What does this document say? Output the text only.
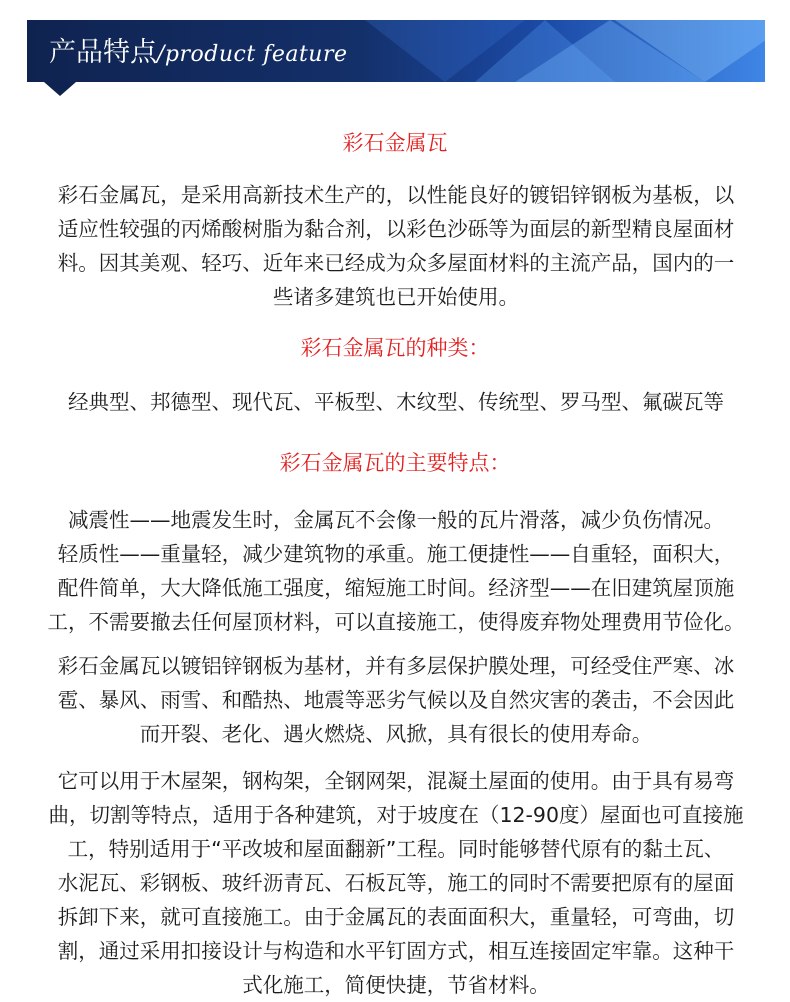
产品特点/product feature
彩石金属瓦
彩石金属瓦，是采用高新技术生产的，以性能良好的镀铝锌钢板为基板，以
适应性较强的丙烯酸树脂为黏合剂，以彩色沙砾等为面层的新型精良屋面材
料。因其美观、轻巧、近年来已经成为众多屋面材料的主流产品，国内的一
些诸多建筑也已开始使用。
彩石金属瓦的种类：
经典型、邦德型、现代瓦、平板型、木纹型、传统型、罗马型、氟碳瓦等
彩石金属瓦的主要特点：
减震性——地震发生时，金属瓦不会像一般的瓦片滑落，减少负伤情况。
轻质性——重量轻，减少建筑物的承重。施工便捷性——自重轻，面积大，
配件简单，大大降低施工强度，缩短施工时间。经济型——在旧建筑屋顶施
工，不需要撤去任何屋顶材料，可以直接施工，使得废弃物处理费用节俭化。
彩石金属瓦以镀铝锌钢板为基材，并有多层保护膜处理，可经受住严寒、冰
雹、暴风、雨雪、和酷热、地震等恶劣气候以及自然灾害的袭击，不会因此
而开裂、老化、遇火燃烧、风掀，具有很长的使用寿命。
它可以用于木屋架，钢构架，全钢网架，混凝土屋面的使用。由于具有易弯
曲，切割等特点，适用于各种建筑，对于坡度在（12-90度）屋面也可直接施
工，特别适用于“平改坡和屋面翻新”工程。同时能够替代原有的黏土瓦、
水泥瓦、彩钢板、玻纤沥青瓦、石板瓦等，施工的同时不需要把原有的屋面
拆卸下来，就可直接施工。由于金属瓦的表面面积大，重量轻，可弯曲，切
割，通过采用扣接设计与构造和水平钉固方式，相互连接固定牢靠。这种干
式化施工，简便快捷，节省材料。
